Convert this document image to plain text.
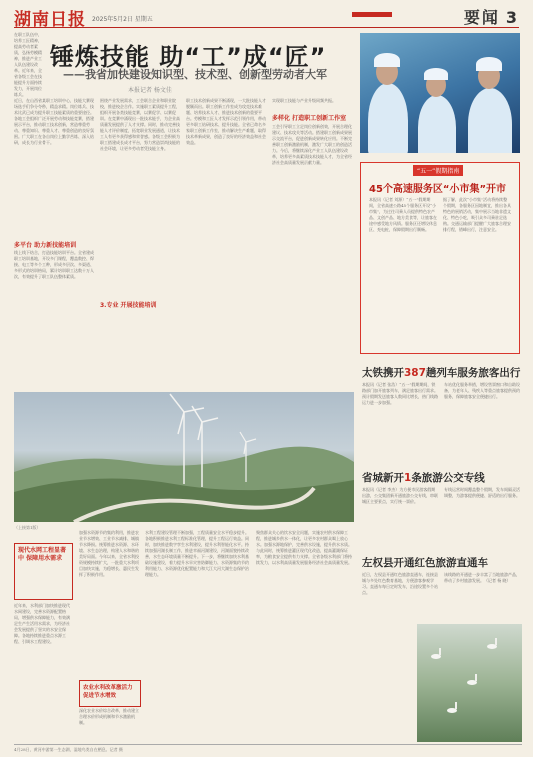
湖南日报 2025年5月2日 星期五	要闻 3
在职工队伍中，培养工匠精神，提高劳动者素质，弘扬劳模精神，推进产业工人队伍建设改革。近年来，全省各级工会在技能提升方面持续发力，开展岗位练兵。
锤炼技能 助“工”成“匠”
——我省加快建设知识型、技术型、创新型劳动者大军
本报记者 杨文佳
近日，在山西省某职工培训中心，技能大赛现场选手们争分夺秒，精益求精。岗位练兵、技术比武已成为提升职工技能素质的重要途径。各地工会组织广泛开展劳动和技能竞赛，搭建展示平台，推动职工技术创新，营造尊重劳动、尊重知识、尊重人才、尊重创造的良好氛围。广大职工在各自岗位上勤学苦练、深入钻研，成长为行业骨干。
多平台 助力新技能培训
线上线下结合，打造技能培训平台。全省建成职工培训基地，开设多门课程，覆盖数控、焊接、电工等多个工种，形成多层次、多渠道、多形式的培训格局，累计培训职工达数十万人次，有效提升了职工队伍整体素质。
围绕产业发展需求，工会联合企业和职业院校，推进校企合作。实施职工素质提升工程，组织开展各类技能竞赛，以赛促学、以赛促训。在竞赛中涌现出一批技术能手，为企业高质量发展提供了人才支撑。同时，推动完善技能人才评价制度，拓宽职业发展通道，让技术工人有更多获得感和荣誉感。各级工会积极为职工搭建成长成才平台，努力营造崇尚技能的社会环境，让更多劳动者凭技能立身。
3.专业 开展技能培训
职工技术创新成果不断涌现，一大批技能人才脱颖而出。职工创新工作室成为攻克技术难题、培养技术人才、推进技术创新的重要平台。劳模和工匠人才发挥示范引领作用，带动更多职工钻研技术、提升技能。全省已命名多家职工创新工作室，推动解决生产难题，取得技术革新成果，创造了良好的经济效益和社会效益。
多样化 打造职工创新工作室
实现职工技能与产业升级同频共振。
工会引导职工立足岗位创新创效，开展合理化建议、技术攻关等活动。搭建职工创新成果展示交流平台，促进创新成果转化应用。不断完善职工创新激励机制，激发广大职工的创造活力。今后，将继续深化产业工人队伍建设改革，培养更多高素质技术技能人才，为全省经济社会高质量发展贡献力量。
“五一”假期指南
45个高速服务区“小市集”开市
本报讯（记者 刘源）“五一”假期期间，全省高速公路45个服务区开设“小市集”，为过往司乘人员提供特色农产品、文创产品、地方美食等，让旅客在途中感受地方风情。服务区还增设休息区、充电桩，保障假期出行顺畅。
据了解，此次“小市集”活动将持续整个假期，各服务区因地制宜，推出各具特色的展销活动，集中展示当地非遗文化、特色小吃，吸引众多司乘驻足选购。交通运输部门提醒广大旅客合理安排行程，错峰出行，注意安全。
（上接第1版）
现代水网工程显著中 保障用水需求
近年来，水利部门加快推进现代水网建设，完善水资源配置格局，增强供水保障能力，有效满足生产生活用水需求，为经济社会发展提供了坚实的水安全保障。各地持续推进重点水源工程、引调水工程建设。
加强水资源节约集约利用，推进农业节水增效、工业节水减排、城镇节水降损。统筹推进水资源、水环境、水生态治理，构建人水和谐的美好局面。今年以来，全省水利投资规模持续扩大，一批重大水利项目加快实施，为稳增长、惠民生发挥了积极作用。
农业水利改革激活力 促进节水增效
深化农业水价综合改革，推动建立合理水价形成机制和节水激励机制。
水利工程建设管理不断加强，工程质量安全水平稳步提升。各地积极推进水利工程标准化管理，提升工程运行效益。同时，加快推进数字孪生水利建设，提升水利智能化水平。持续加强河湖长制工作，推进幸福河湖建设，河湖面貌持续改善，水生态环境质量不断提升。下一步，将继续加快水利基础设施建设，着力提升水旱灾害防御能力、水资源集约节约利用能力、水资源优化配置能力和大江大河大湖生态保护治理能力。
聚焦群众关心的饮水安全问题，实施农村供水保障工程，推进城乡供水一体化，让更多农村群众喝上放心水。加强水源地保护，完善供水设施，提升供水水质。与此同时，统筹推进灌区现代化改造，提高灌溉保证率，为粮食安全提供有力支撑。全省各级水利部门将持续发力，以水利高质量发展服务经济社会高质量发展。
太铁携开387趟列车服务旅客出行
本报讯（记者 张浩）“五一”假期期间，铁路部门加开旅客列车，满足旅客出行需求。预计假期发送旅客人数同比增长，热门线路运力进一步加强。
车站优化服务举措，增设售票窗口和自助设备，为老年人、残疾人等重点旅客提供预约服务，保障旅客安全便捷出行。
省城新开1条旅游公交专线
本报讯（记者 李杰）为方便市民游客假期出游，公交集团新开通旅游公交专线，串联城区主要景点，实行统一票价。
专线运营时间覆盖整个假期，发车间隔灵活调整，为游客提供便捷、舒适的出行服务。
左权县开通红色旅游直通车
近日，左权县开通红色旅游直通车，连接县城与多处红色教育基地，方便游客参观学习。直通车每日定时发车，沿途设置多个站点。
该线路的开通进一步丰富了当地旅游产品，带动了乡村旅游发展。（记者 杨 晓）
4月28日，黄河中游第一生态湖，湿地鸟类自在栖息。记者 摄
